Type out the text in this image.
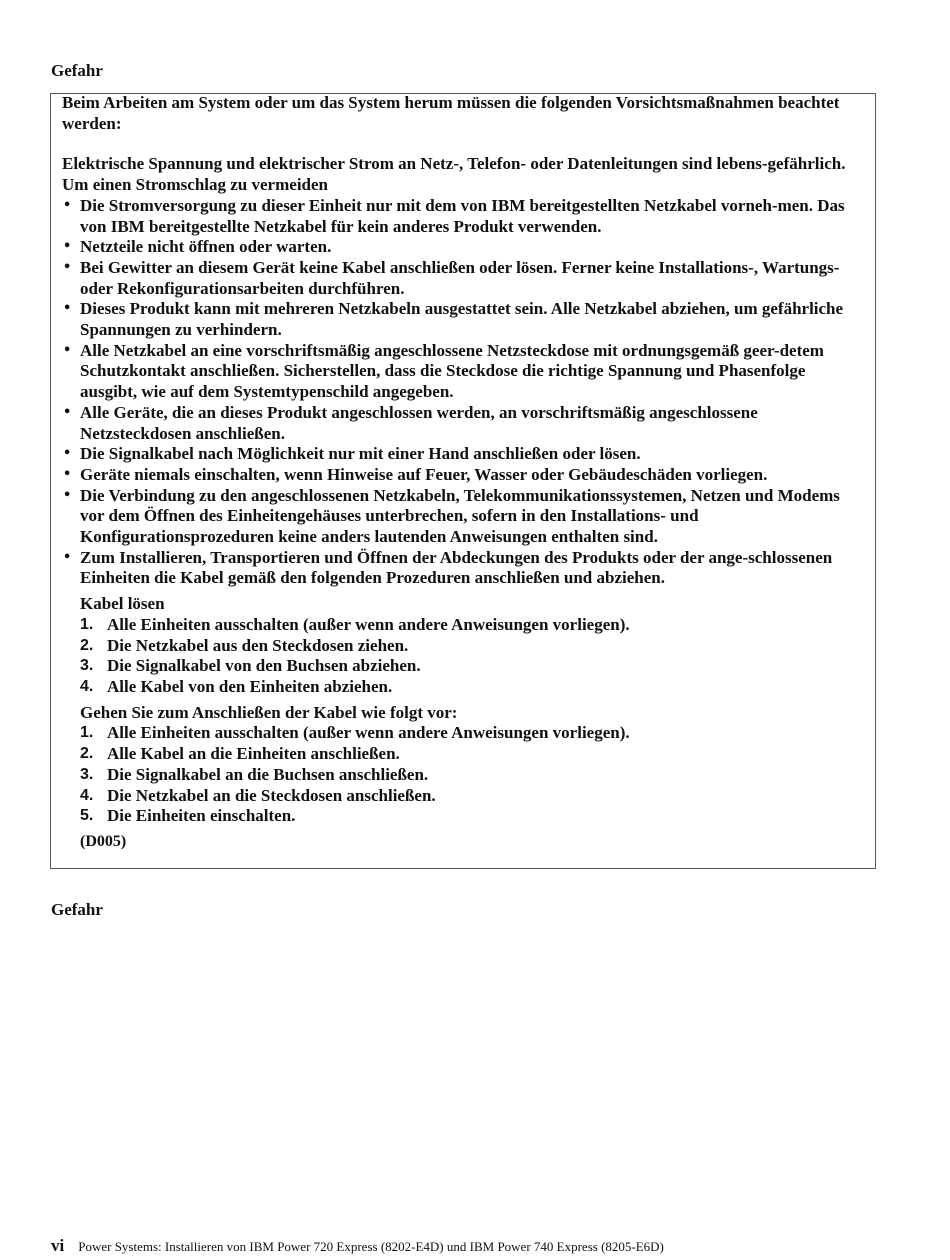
Gefahr

Beim Arbeiten am System oder um das System herum müssen die folgenden Vorsichtsmaßnahmen beachtet werden:

Elektrische Spannung und elektrischer Strom an Netz-, Telefon- oder Datenleitungen sind lebens-gefährlich. Um einen Stromschlag zu vermeiden

• Die Stromversorgung zu dieser Einheit nur mit dem von IBM bereitgestellten Netzkabel vorneh-men. Das von IBM bereitgestellte Netzkabel für kein anderes Produkt verwenden.
• Netzteile nicht öffnen oder warten.
• Bei Gewitter an diesem Gerät keine Kabel anschließen oder lösen. Ferner keine Installations-, Wartungs- oder Rekonfigurationsarbeiten durchführen.
• Dieses Produkt kann mit mehreren Netzkabeln ausgestattet sein. Alle Netzkabel abziehen, um gefährliche Spannungen zu verhindern.
• Alle Netzkabel an eine vorschriftsmäßig angeschlossene Netzsteckdose mit ordnungsgemäß geer-detem Schutzkontakt anschließen. Sicherstellen, dass die Steckdose die richtige Spannung und Phasenfolge ausgibt, wie auf dem Systemtypenschild angegeben.
• Alle Geräte, die an dieses Produkt angeschlossen werden, an vorschriftsmäßig angeschlossene Netzsteckdosen anschließen.
• Die Signalkabel nach Möglichkeit nur mit einer Hand anschließen oder lösen.
• Geräte niemals einschalten, wenn Hinweise auf Feuer, Wasser oder Gebäudeschäden vorliegen.
• Die Verbindung zu den angeschlossenen Netzkabeln, Telekommunikationssystemen, Netzen und Modems vor dem Öffnen des Einheitengehäuses unterbrechen, sofern in den Installations- und Konfigurationsprozeduren keine anders lautenden Anweisungen enthalten sind.
• Zum Installieren, Transportieren und Öffnen der Abdeckungen des Produkts oder der ange-schlossenen Einheiten die Kabel gemäß den folgenden Prozeduren anschließen und abziehen.

Kabel lösen

1. Alle Einheiten ausschalten (außer wenn andere Anweisungen vorliegen).
2. Die Netzkabel aus den Steckdosen ziehen.
3. Die Signalkabel von den Buchsen abziehen.
4. Alle Kabel von den Einheiten abziehen.

Gehen Sie zum Anschließen der Kabel wie folgt vor:

1. Alle Einheiten ausschalten (außer wenn andere Anweisungen vorliegen).
2. Alle Kabel an die Einheiten anschließen.
3. Die Signalkabel an die Buchsen anschließen.
4. Die Netzkabel an die Steckdosen anschließen.
5. Die Einheiten einschalten.

(D005)

Gefahr
vi Power Systems: Installieren von IBM Power 720 Express (8202-E4D) und IBM Power 740 Express (8205-E6D)
